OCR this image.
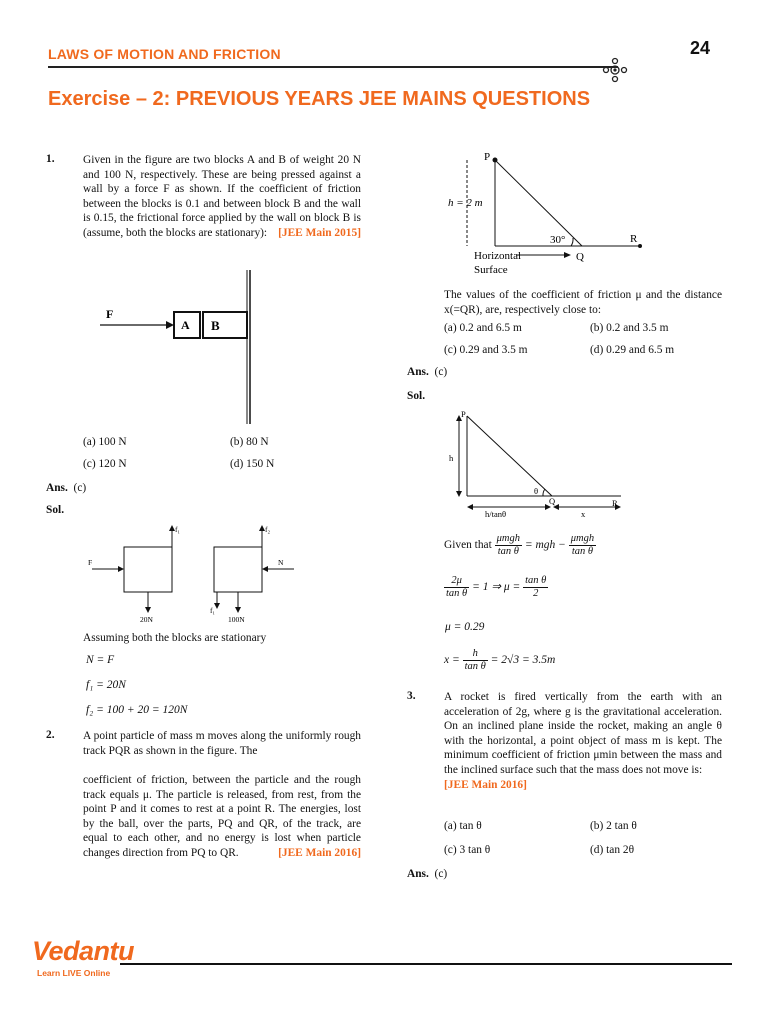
LAWS OF MOTION AND FRICTION	24
Exercise – 2: PREVIOUS YEARS JEE MAINS QUESTIONS
1. Given in the figure are two blocks A and B of weight 20 N and 100 N, respectively. These are being pressed against a wall by a force F as shown. If the coefficient of friction between the blocks is 0.1 and between block B and the wall is 0.15, the frictional force applied by the wall on block B is (assume, both the blocks are stationary): [JEE Main 2015]
F
A B
(a) 100 N	(b) 80 N
(c) 120 N	(d) 150 N
Ans. (c)
Sol.
f₁	f₂
F	N
20N
f₁
100N
Assuming both the blocks are stationary
N = F
f₁ = 20N
f₂ = 100 + 20 = 120N
2. A point particle of mass m moves along the uniformly rough track PQR as shown in the figure. The
coefficient of friction, between the particle and the rough track equals μ. The particle is released, from rest, from the point P and it comes to rest at a point R. The energies, lost by the ball, over the parts, PQ and QR, of the track, are equal to each other, and no energy is lost when particle changes direction from PQ to QR.	[JEE Main 2016]
P
h = 2 m
30°	R
Q
Horizontal
Surface
The values of the coefficient of friction μ and the distance x(=QR), are, respectively close to:
(a) 0.2 and 6.5 m	(b) 0.2 and 3.5 m
(c) 0.29 and 3.5 m	(d) 0.29 and 6.5 m
Ans. (c)
Sol.
P
h
θ
Q	R
h/tanθ	x
Given that $\frac{\text{μmgh}}{\text{tan θ}}$ = mgh − $\frac{\text{μmgh}}{\text{tan θ}}$
$\frac{2\mu}{\text{tan θ}} = 1$ ⇒ $\mu = \frac{\text{tan θ}}{2}$
μ = 0.29
$x = \frac{h}{\text{tan θ}} = 2√3 = 3.5m$
3. A rocket is fired vertically from the earth with an acceleration of 2g, where g is the gravitational acceleration. On an inclined plane inside the rocket, making an angle θ with the horizontal, a point object of mass m is kept. The minimum coefficient of friction μmin between the mass and the inclined surface such that the mass does not move is:
[JEE Main 2016]
(a) tan θ	(b) 2 tan θ
(c) 3 tan θ	(d) tan 2θ
Ans. (c)
Vedantu
Learn LIVE Online
